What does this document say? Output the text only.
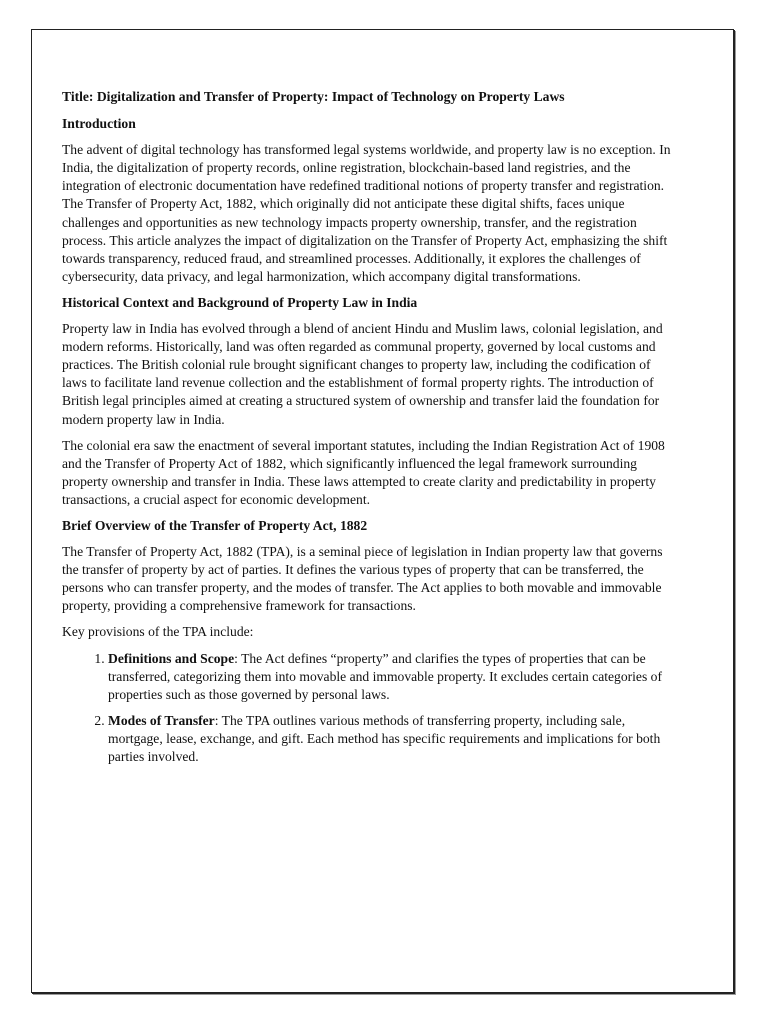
Title: Digitalization and Transfer of Property: Impact of Technology on Property Laws

Introduction

The advent of digital technology has transformed legal systems worldwide, and property law is no exception. In India, the digitalization of property records, online registration, blockchain-based land registries, and the integration of electronic documentation have redefined traditional notions of property transfer and registration. The Transfer of Property Act, 1882, which originally did not anticipate these digital shifts, faces unique challenges and opportunities as new technology impacts property ownership, transfer, and the registration process. This article analyzes the impact of digitalization on the Transfer of Property Act, emphasizing the shift towards transparency, reduced fraud, and streamlined processes. Additionally, it explores the challenges of cybersecurity, data privacy, and legal harmonization, which accompany digital transformations.

Historical Context and Background of Property Law in India

Property law in India has evolved through a blend of ancient Hindu and Muslim laws, colonial legislation, and modern reforms. Historically, land was often regarded as communal property, governed by local customs and practices. The British colonial rule brought significant changes to property law, including the codification of laws to facilitate land revenue collection and the establishment of formal property rights. The introduction of British legal principles aimed at creating a structured system of ownership and transfer laid the foundation for modern property law in India.

The colonial era saw the enactment of several important statutes, including the Indian Registration Act of 1908 and the Transfer of Property Act of 1882, which significantly influenced the legal framework surrounding property ownership and transfer in India. These laws attempted to create clarity and predictability in property transactions, a crucial aspect for economic development.

Brief Overview of the Transfer of Property Act, 1882

The Transfer of Property Act, 1882 (TPA), is a seminal piece of legislation in Indian property law that governs the transfer of property by act of parties. It defines the various types of property that can be transferred, the persons who can transfer property, and the modes of transfer. The Act applies to both movable and immovable property, providing a comprehensive framework for transactions.

Key provisions of the TPA include:

1. Definitions and Scope: The Act defines “property” and clarifies the types of properties that can be transferred, categorizing them into movable and immovable property. It excludes certain categories of properties such as those governed by personal laws.
2. Modes of Transfer: The TPA outlines various methods of transferring property, including sale, mortgage, lease, exchange, and gift. Each method has specific requirements and implications for both parties involved.
